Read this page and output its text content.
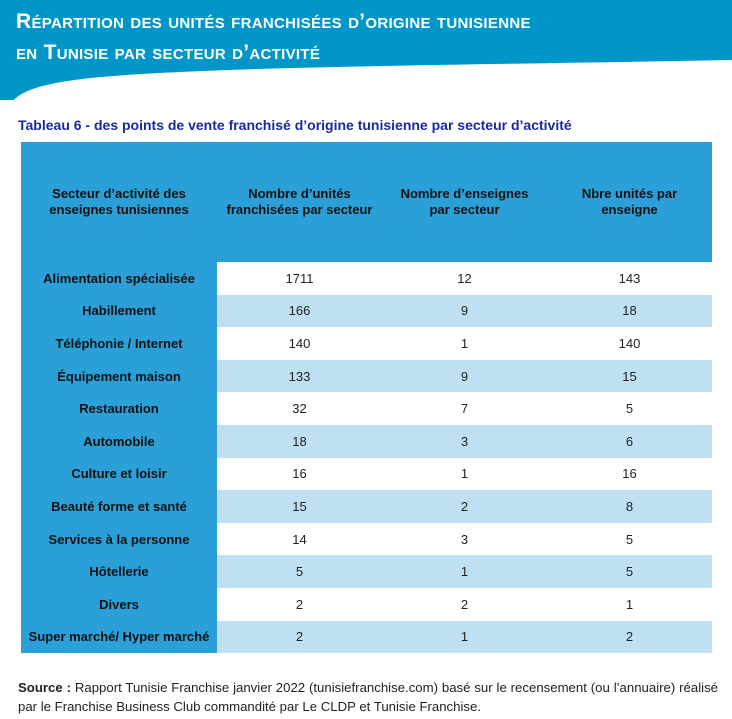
Répartition des unités franchisées d’origine tunisienne
en Tunisie par secteur d’activité
Tableau 6 - des points de vente franchisé d’origine tunisienne par secteur d’activité
Secteur d’activité des enseignes tunisiennes	Nombre d’unités franchisées par secteur	Nombre d’enseignes par secteur	Nbre unités par enseigne
Alimentation spécialisée	1711	12	143
Habillement	166	9	18
Téléphonie / Internet	140	1	140
Équipement maison	133	9	15
Restauration	32	7	5
Automobile	18	3	6
Culture et loisir	16	1	16
Beauté forme et santé	15	2	8
Services à la personne	14	3	5
Hôtellerie	5	1	5
Divers	2	2	1
Super marché/ Hyper marché	2	1	2
Source : Rapport Tunisie Franchise janvier 2022 (tunisiefranchise.com) basé sur le recensement (ou l’annuaire) réalisé par le Franchise Business Club commandité par Le CLDP et Tunisie Franchise.
